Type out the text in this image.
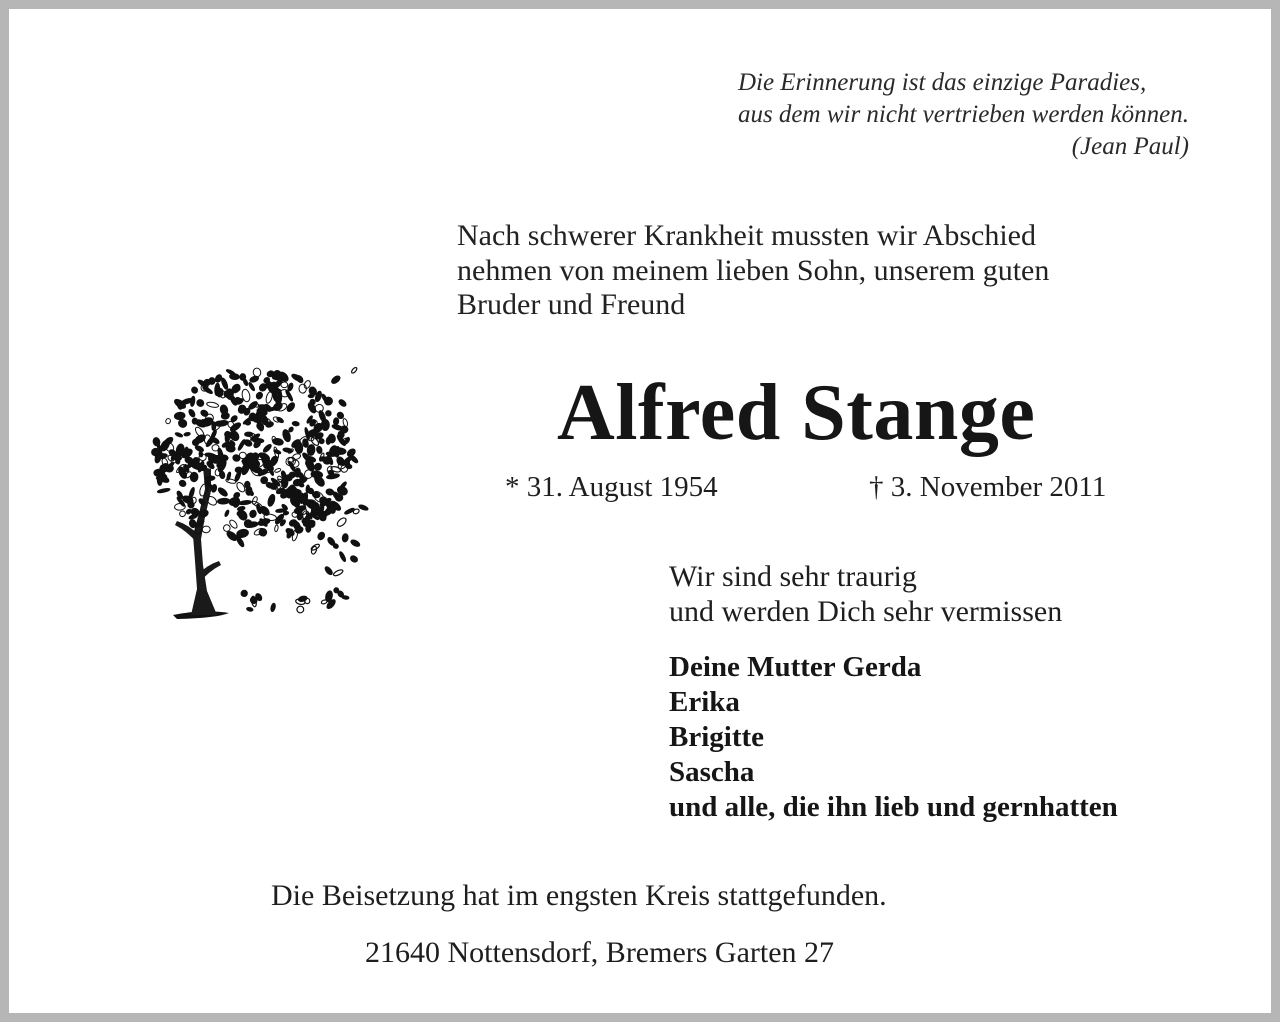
Die Erinnerung ist das einzige Paradies,
aus dem wir nicht vertrieben werden können.
(Jean Paul)
Nach schwerer Krankheit mussten wir Abschied
nehmen von meinem lieben Sohn, unserem guten
Bruder und Freund
Alfred Stange
* 31. August 1954	† 3. November 2011
Wir sind sehr traurig
und werden Dich sehr vermissen
Deine Mutter Gerda
Erika
Brigitte
Sascha
und alle, die ihn lieb und gernhatten
Die Beisetzung hat im engsten Kreis stattgefunden.
21640 Nottensdorf, Bremers Garten 27
